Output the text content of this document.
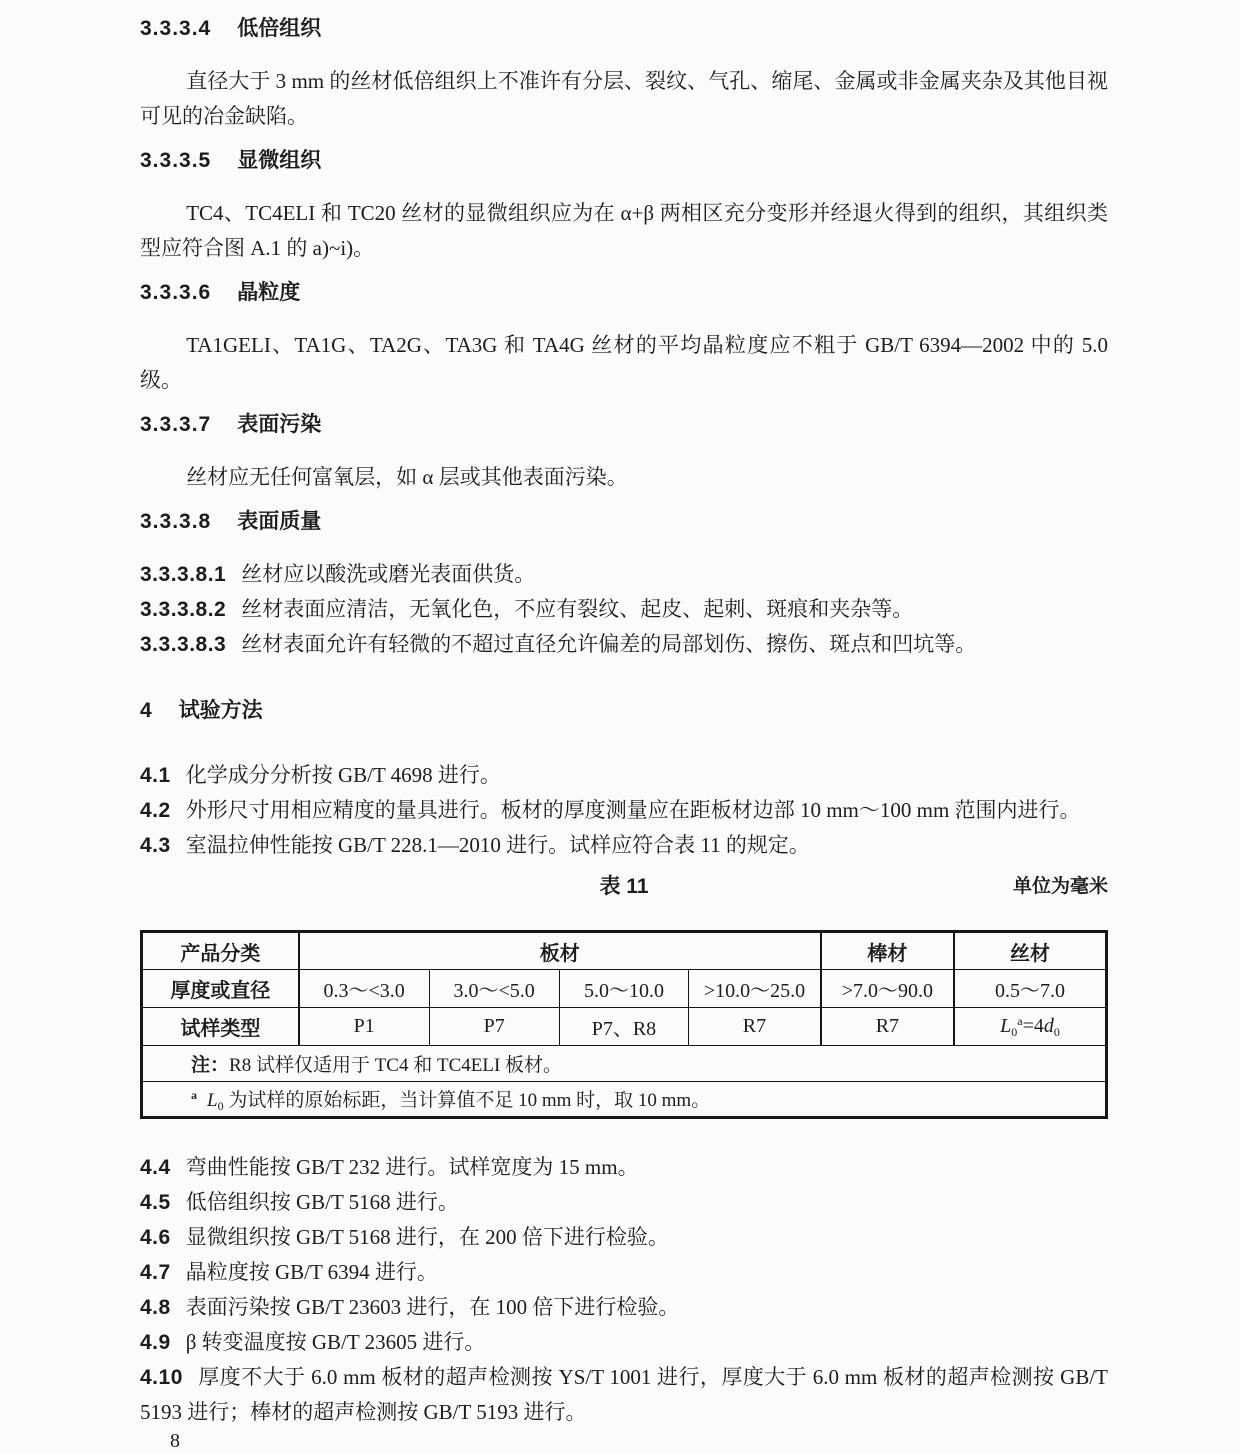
3.3.3.4 低倍组织

直径大于 3 mm 的丝材低倍组织上不准许有分层、裂纹、气孔、缩尾、金属或非金属夹杂及其他目视可见的冶金缺陷。

3.3.3.5 显微组织

TC4、TC4ELI 和 TC20 丝材的显微组织应为在 α+β 两相区充分变形并经退火得到的组织，其组织类型应符合图 A.1 的 a)~i)。

3.3.3.6 晶粒度

TA1GELI、TA1G、TA2G、TA3G 和 TA4G 丝材的平均晶粒度应不粗于 GB/T 6394—2002 中的 5.0 级。

3.3.3.7 表面污染

丝材应无任何富氧层，如 α 层或其他表面污染。

3.3.3.8 表面质量

3.3.3.8.1 丝材应以酸洗或磨光表面供货。

3.3.3.8.2 丝材表面应清洁，无氧化色，不应有裂纹、起皮、起刺、斑痕和夹杂等。

3.3.3.8.3 丝材表面允许有轻微的不超过直径允许偏差的局部划伤、擦伤、斑点和凹坑等。

4 试验方法

4.1 化学成分分析按 GB/T 4698 进行。

4.2 外形尺寸用相应精度的量具进行。板材的厚度测量应在距板材边部 10 mm～100 mm 范围内进行。

4.3 室温拉伸性能按 GB/T 228.1—2010 进行。试样应符合表 11 的规定。

表 11	单位为毫米
产品分类	板材				棒材	丝材
厚度或直径	0.3～<3.0	3.0～<5.0	5.0～10.0	>10.0～25.0	>7.0～90.0	0.5～7.0
试样类型	P1	P7	P7、R8	R7	R7	$L_0^a=4d_0$
注：R8 试样仅适用于 TC4 和 TC4ELI 板材。						
$^a$ $L_0$ 为试样的原始标距，当计算值不足 10 mm 时，取 10 mm。						

4.4 弯曲性能按 GB/T 232 进行。试样宽度为 15 mm。

4.5 低倍组织按 GB/T 5168 进行。

4.6 显微组织按 GB/T 5168 进行，在 200 倍下进行检验。

4.7 晶粒度按 GB/T 6394 进行。

4.8 表面污染按 GB/T 23603 进行，在 100 倍下进行检验。

4.9 β 转变温度按 GB/T 23605 进行。

4.10 厚度不大于 6.0 mm 板材的超声检测按 YS/T 1001 进行，厚度大于 6.0 mm 板材的超声检测按 GB/T 5193 进行；棒材的超声检测按 GB/T 5193 进行。

8
